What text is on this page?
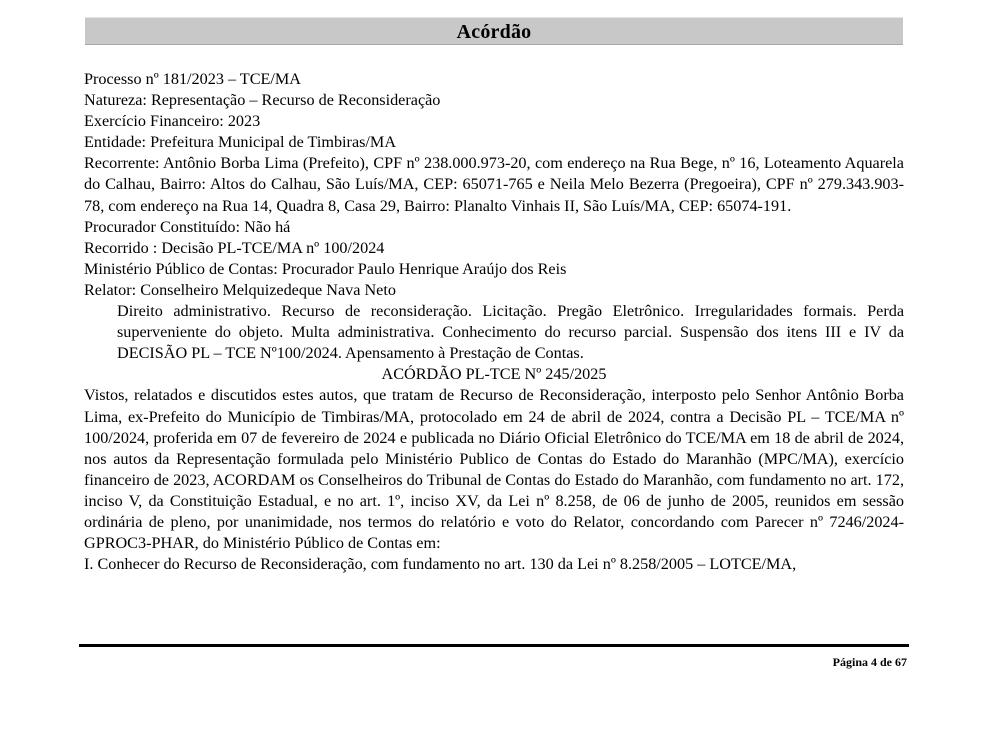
Acórdão
Processo nº 181/2023 – TCE/MA
Natureza: Representação – Recurso de Reconsideração
Exercício Financeiro: 2023
Entidade: Prefeitura Municipal de Timbiras/MA
Recorrente: Antônio Borba Lima (Prefeito), CPF nº 238.000.973-20, com endereço na Rua Bege, nº 16, Loteamento Aquarela do Calhau, Bairro: Altos do Calhau, São Luís/MA, CEP: 65071-765 e Neila Melo Bezerra (Pregoeira), CPF nº 279.343.903-78, com endereço na Rua 14, Quadra 8, Casa 29, Bairro: Planalto Vinhais II, São Luís/MA, CEP: 65074-191.
Procurador Constituído: Não há
Recorrido : Decisão PL-TCE/MA nº 100/2024
Ministério Público de Contas: Procurador Paulo Henrique Araújo dos Reis
Relator: Conselheiro Melquizedeque Nava Neto
Direito administrativo. Recurso de reconsideração. Licitação. Pregão Eletrônico. Irregularidades formais. Perda superveniente do objeto. Multa administrativa. Conhecimento do recurso parcial. Suspensão dos itens III e IV da DECISÃO PL – TCE Nº100/2024. Apensamento à Prestação de Contas.
ACÓRDÃO PL-TCE Nº 245/2025
Vistos, relatados e discutidos estes autos, que tratam de Recurso de Reconsideração, interposto pelo Senhor Antônio Borba Lima, ex-Prefeito do Município de Timbiras/MA, protocolado em 24 de abril de 2024, contra a Decisão PL – TCE/MA nº 100/2024, proferida em 07 de fevereiro de 2024 e publicada no Diário Oficial Eletrônico do TCE/MA em 18 de abril de 2024, nos autos da Representação formulada pelo Ministério Publico de Contas do Estado do Maranhão (MPC/MA), exercício financeiro de 2023, ACORDAM os Conselheiros do Tribunal de Contas do Estado do Maranhão, com fundamento no art. 172, inciso V, da Constituição Estadual, e no art. 1º, inciso XV, da Lei nº 8.258, de 06 de junho de 2005, reunidos em sessão ordinária de pleno, por unanimidade, nos termos do relatório e voto do Relator, concordando com Parecer nº 7246/2024-GPROC3-PHAR, do Ministério Público de Contas em:
I. Conhecer do Recurso de Reconsideração, com fundamento no art. 130 da Lei nº 8.258/2005 – LOTCE/MA,
Página 4 de 67
